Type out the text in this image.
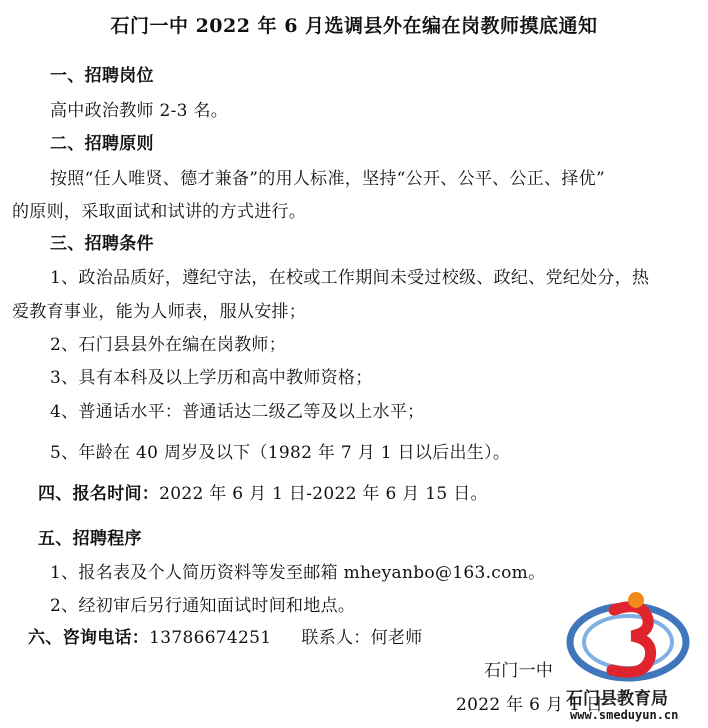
石门一中 2022 年 6 月选调县外在编在岗教师摸底通知
一、招聘岗位
高中政治教师 2-3 名。
二、招聘原则
按照“任人唯贤、德才兼备”的用人标准，坚持“公开、公平、公正、择优”
的原则，采取面试和试讲的方式进行。
三、招聘条件
1、政治品质好，遵纪守法，在校或工作期间未受过校级、政纪、党纪处分，热
爱教育事业，能为人师表，服从安排；
2、石门县县外在编在岗教师；
3、具有本科及以上学历和高中教师资格；
4、普通话水平：普通话达二级乙等及以上水平；
5、年龄在 40 周岁及以下（1982 年 7 月 1 日以后出生）。
四、报名时间：2022 年 6 月 1 日-2022 年 6 月 15 日。
五、招聘程序
1、报名表及个人简历资料等发至邮箱 mheyanbo@163.com。
2、经初审后另行通知面试时间和地点。
六、咨询电话：13786674251 联系人：何老师
石门一中
2022 年 6 月 1 日
石门县教育局
www.smeduyun.cn
